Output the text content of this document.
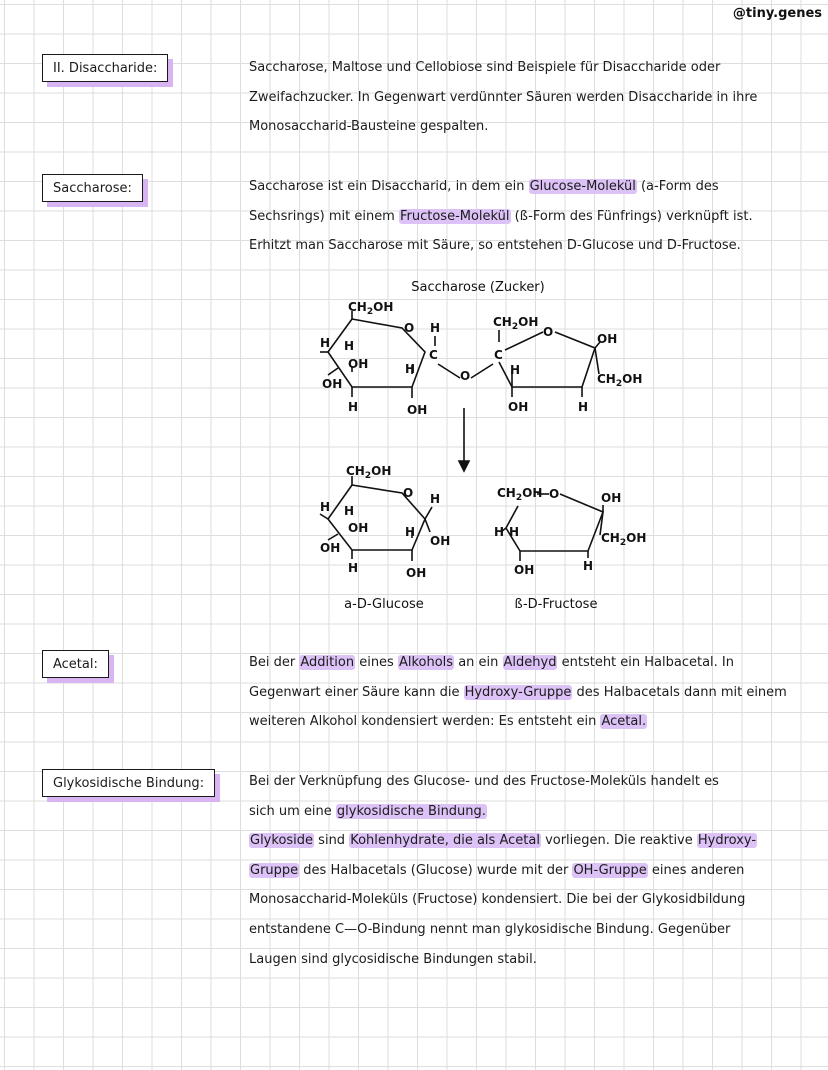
@tiny.genes
II. Disaccharide:	Saccharose, Maltose und Cellobiose sind Beispiele für Disaccharide oder
Zweifachzucker. In Gegenwart verdünnter Säuren werden Disaccharide in ihre
Monosaccharid-Bausteine gespalten.
Saccharose:	Saccharose ist ein Disaccharid, in dem ein Glucose-Molekül (a-Form des
Sechsrings) mit einem Fructose-Molekül (ß-Form des Fünfrings) verknüpft ist.
Erhitzt man Saccharose mit Säure, so entstehen D-Glucose und D-Fructose.
Saccharose (Zucker)
$CH_2OH$
O
H H
OH
OH
H
H
OH
H
C
O
$CH_2OH$
C
O	OH
$CH_2OH$
H
OH	H
$CH_2OH$
O
H H
OH
OH
H
H
OH
H
OH
a-D-Glucose
$CH_2OH$ O	OH
$CH_2OH$
H H
OH	H
ß-D-Fructose
Acetal:	Bei der Addition eines Alkohols an ein Aldehyd entsteht ein Halbacetal. In
Gegenwart einer Säure kann die Hydroxy-Gruppe des Halbacetals dann mit einem
weiteren Alkohol kondensiert werden: Es entsteht ein Acetal.
Glykosidische Bindung:	Bei der Verknüpfung des Glucose- und des Fructose-Moleküls handelt es
sich um eine glykosidische Bindung.
Glykoside sind Kohlenhydrate, die als Acetal vorliegen. Die reaktive Hydroxy-
Gruppe des Halbacetals (Glucose) wurde mit der OH-Gruppe eines anderen
Monosaccharid-Moleküls (Fructose) kondensiert. Die bei der Glykosidbildung
entstandene C—O-Bindung nennt man glykosidische Bindung. Gegenüber
Laugen sind glycosidische Bindungen stabil.
